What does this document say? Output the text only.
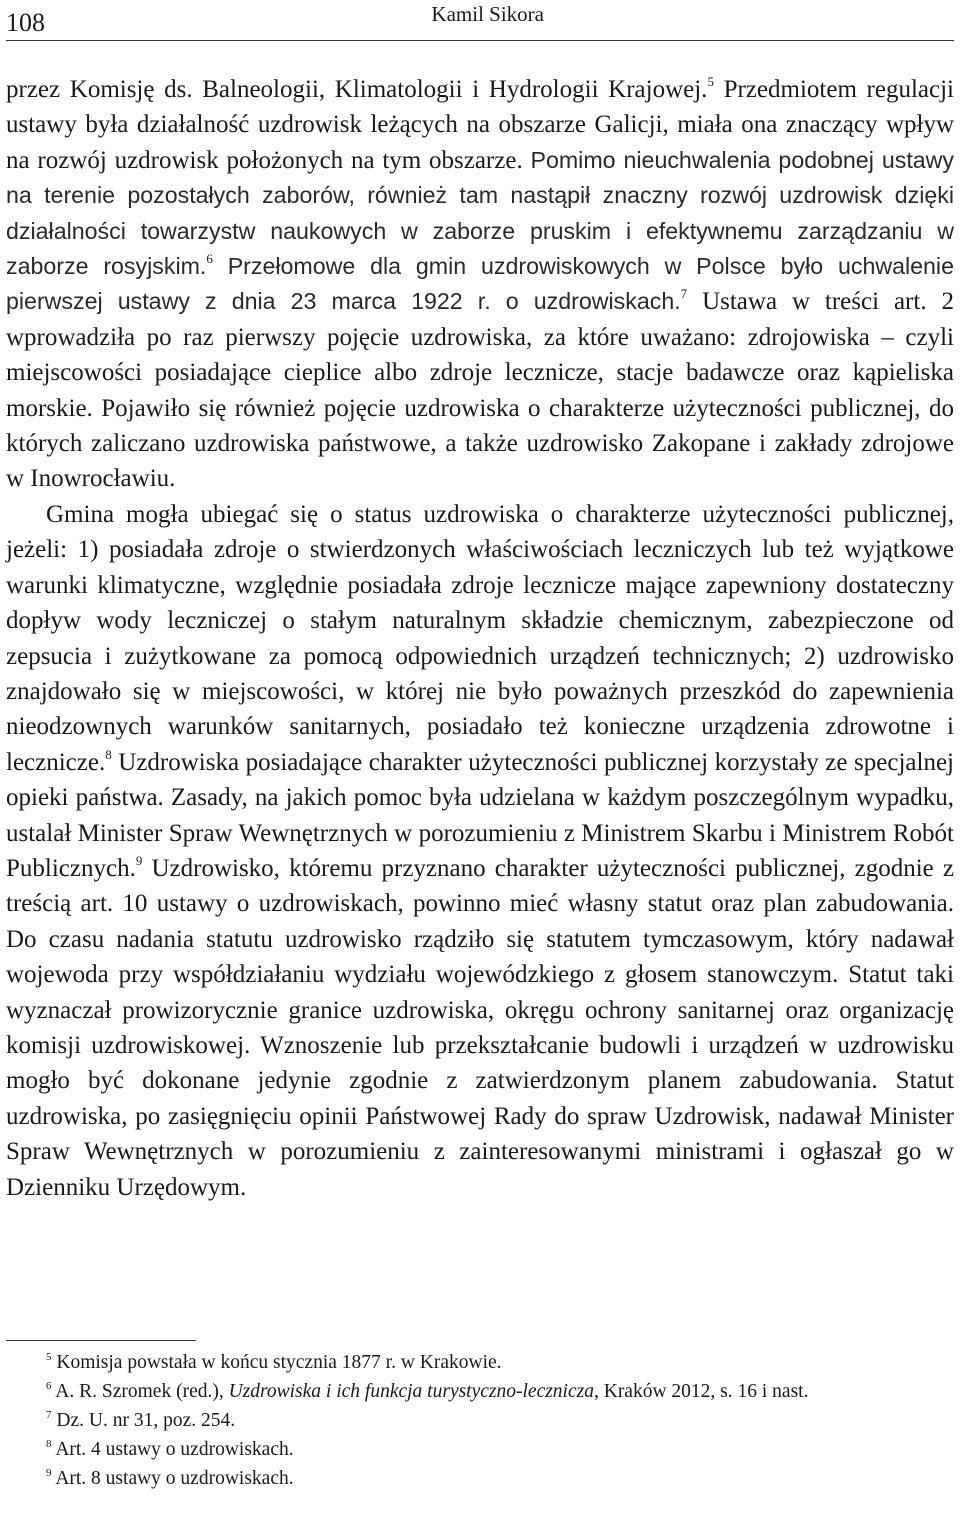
108	Kamil Sikora

przez Komisję ds. Balneologii, Klimatologii i Hydrologii Krajowej.$^5$ Przedmiotem regulacji ustawy była działalność uzdrowisk leżących na obszarze Galicji, miała ona znaczący wpływ na rozwój uzdrowisk położonych na tym obszarze. Pomimo nieuchwalenia podobnej ustawy na terenie pozostałych zaborów, również tam nastąpił znaczny rozwój uzdrowisk dzięki działalności towarzystw naukowych w zaborze pruskim i efektywnemu zarządzaniu w zaborze rosyjskim.$^6$ Przełomowe dla gmin uzdrowiskowych w Polsce było uchwalenie pierwszej ustawy z dnia 23 marca 1922 r. o uzdrowiskach.$^7$ Ustawa w treści art. 2 wprowadziła po raz pierwszy pojęcie uzdrowiska, za które uważano: zdrojowiska – czyli miejscowości posiadające cieplice albo zdroje lecznicze, stacje badawcze oraz kąpieliska morskie. Pojawiło się również pojęcie uzdrowiska o charakterze użyteczności publicznej, do których zaliczano uzdrowiska państwowe, a także uzdrowisko Zakopane i zakłady zdrojowe w Inowrocławiu.

Gmina mogła ubiegać się o status uzdrowiska o charakterze użyteczności publicznej, jeżeli: 1) posiadała zdroje o stwierdzonych właściwościach leczniczych lub też wyjątkowe warunki klimatyczne, względnie posiadała zdroje lecznicze mające zapewniony dostateczny dopływ wody leczniczej o stałym naturalnym składzie chemicznym, zabezpieczone od zepsucia i zużytkowane za pomocą odpowiednich urządzeń technicznych; 2) uzdrowisko znajdowało się w miejscowości, w której nie było poważnych przeszkód do zapewnienia nieodzownych warunków sanitarnych, posiadało też konieczne urządzenia zdrowotne i lecznicze.$^8$ Uzdrowiska posiadające charakter użyteczności publicznej korzystały ze specjalnej opieki państwa. Zasady, na jakich pomoc była udzielana w każdym poszczególnym wypadku, ustalał Minister Spraw Wewnętrznych w porozumieniu z Ministrem Skarbu i Ministrem Robót Publicznych.$^9$ Uzdrowisko, któremu przyznano charakter użyteczności publicznej, zgodnie z treścią art. 10 ustawy o uzdrowiskach, powinno mieć własny statut oraz plan zabudowania. Do czasu nadania statutu uzdrowisko rządziło się statutem tymczasowym, który nadawał wojewoda przy współdziałaniu wydziału wojewódzkiego z głosem stanowczym. Statut taki wyznaczał prowizorycznie granice uzdrowiska, okręgu ochrony sanitarnej oraz organizację komisji uzdrowiskowej. Wznoszenie lub przekształcanie budowli i urządzeń w uzdrowisku mogło być dokonane jedynie zgodnie z zatwierdzonym planem zabudowania. Statut uzdrowiska, po zasięgnięciu opinii Państwowej Rady do spraw Uzdrowisk, nadawał Minister Spraw Wewnętrznych w porozumieniu z zainteresowanymi ministrami i ogłaszał go w Dzienniku Urzędowym.

$^5$ Komisja powstała w końcu stycznia 1877 r. w Krakowie.

$^6$ A. R. Szromek (red.), Uzdrowiska i ich funkcja turystyczno-lecznicza, Kraków 2012, s. 16 i nast.

$^7$ Dz. U. nr 31, poz. 254.

$^8$ Art. 4 ustawy o uzdrowiskach.

$^9$ Art. 8 ustawy o uzdrowiskach.
